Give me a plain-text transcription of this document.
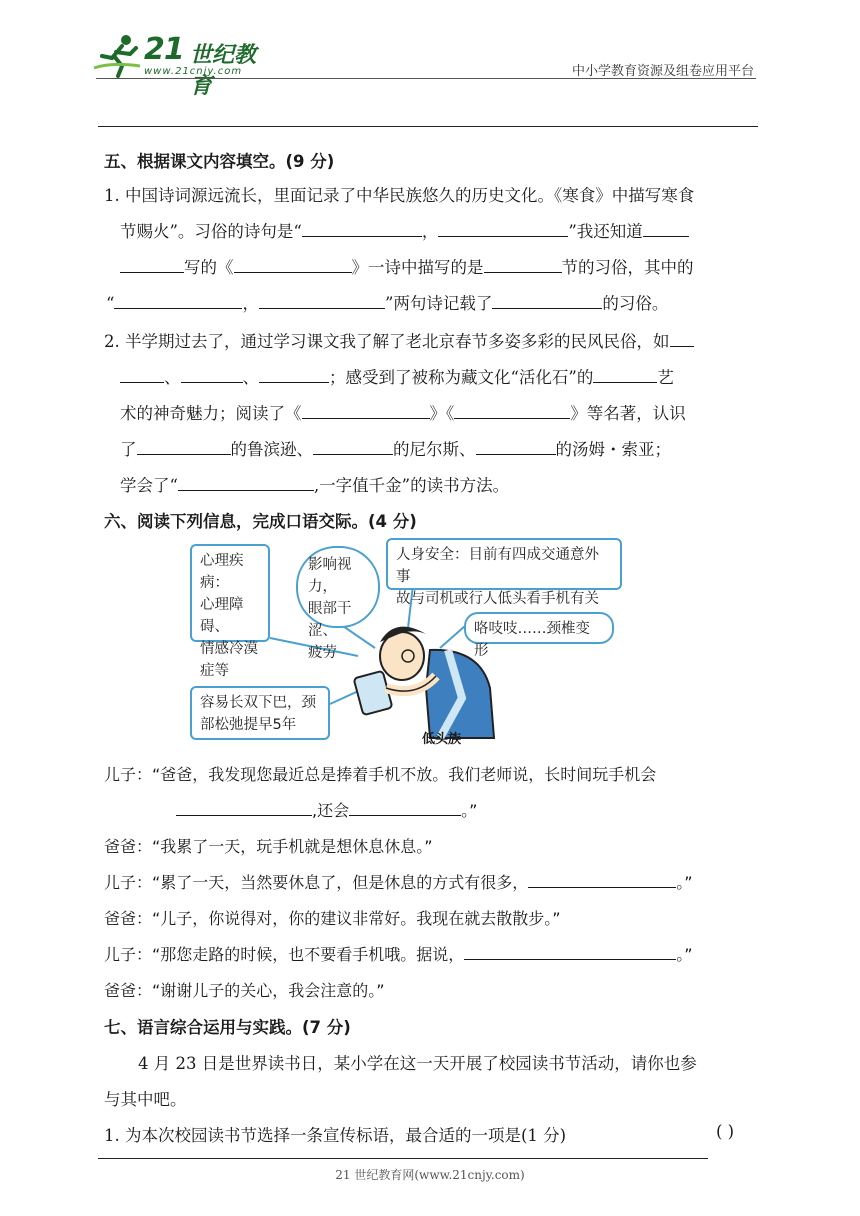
21 世纪教育
www.21cnjy.com	中小学教育资源及组卷应用平台
五、根据课文内容填空。(9 分)
1. 中国诗词源远流长，里面记录了中华民族悠久的历史文化。《寒食》中描写寒食
节赐火”。习俗的诗句是“	，	”我还知道
写的《	》一诗中描写的是	节的习俗，其中的
“	，	”两句诗记载了	的习俗。
2. 半学期过去了，通过学习课文我了解了老北京春节多姿多彩的民风民俗，如
、	、	；感受到了被称为藏文化“活化石”的	艺
术的神奇魅力；阅读了《	》《	》等名著，认识
了	的鲁滨逊、	的尼尔斯、	的汤姆・索亚；
学会了“	,一字值千金”的读书方法。
六、阅读下列信息，完成口语交际。(4 分)
心理疾病：
心理障碍、
情感冷漠
症等
影响视力，
眼部干涩、
疲劳
人身安全：目前有四成交通意外事
故与司机或行人低头看手机有关
咯吱吱……颈椎变形
容易长双下巴，颈
部松弛提早5年
低头族
儿子：“爸爸，我发现您最近总是捧着手机不放。我们老师说，长时间玩手机会
,还会	。”
爸爸：“我累了一天，玩手机就是想休息休息。”
儿子：“累了一天，当然要休息了，但是休息的方式有很多，	。”
爸爸：“儿子，你说得对，你的建议非常好。我现在就去散散步。”
儿子：“那您走路的时候，也不要看手机哦。据说，	。”
爸爸：“谢谢儿子的关心，我会注意的。”
七、语言综合运用与实践。(7 分)
4 月 23 日是世界读书日，某小学在这一天开展了校园读书节活动，请你也参
与其中吧。
1. 为本次校园读书节选择一条宣传标语，最合适的一项是(1 分)	( )
21 世纪教育网(www.21cnjy.com)
